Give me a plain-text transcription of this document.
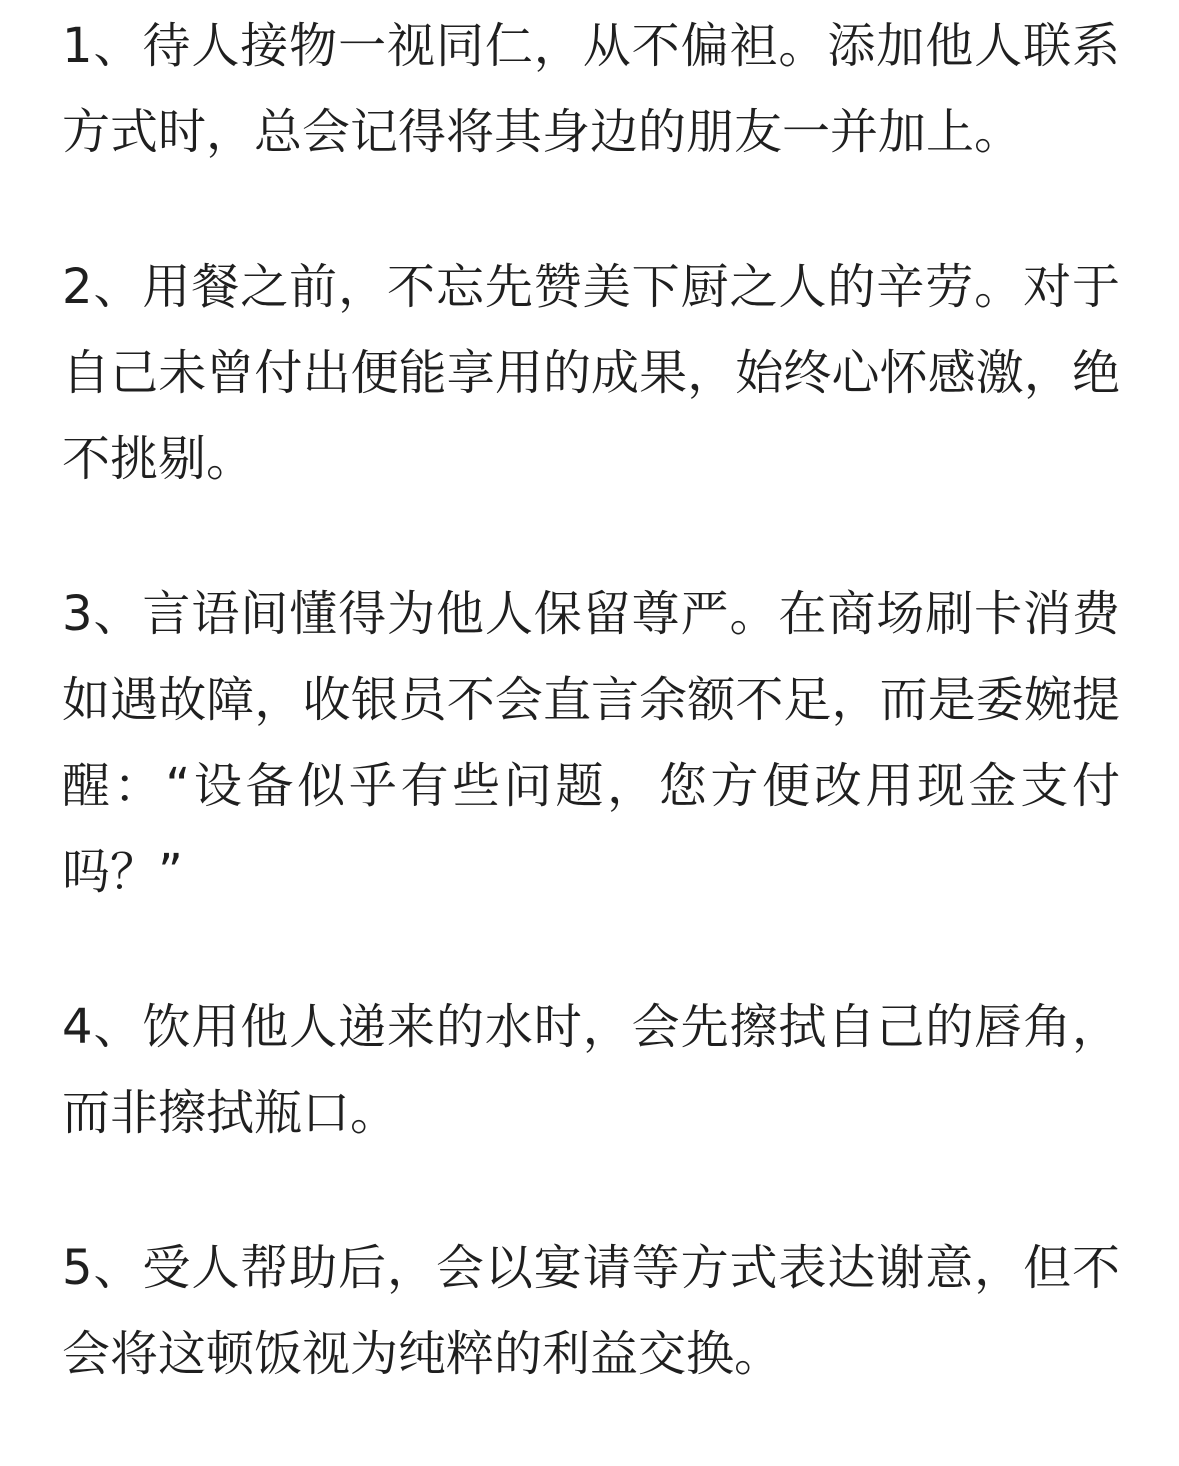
1、待人接物一视同仁，从不偏袒。添加他人联系方式时，总会记得将其身边的朋友一并加上。

2、用餐之前，不忘先赞美下厨之人的辛劳。对于自己未曾付出便能享用的成果，始终心怀感激，绝不挑剔。

3、言语间懂得为他人保留尊严。在商场刷卡消费如遇故障，收银员不会直言余额不足，而是委婉提醒：“设备似乎有些问题，您方便改用现金支付吗？”

4、饮用他人递来的水时，会先擦拭自己的唇角，而非擦拭瓶口。

5、受人帮助后，会以宴请等方式表达谢意，但不会将这顿饭视为纯粹的利益交换。
